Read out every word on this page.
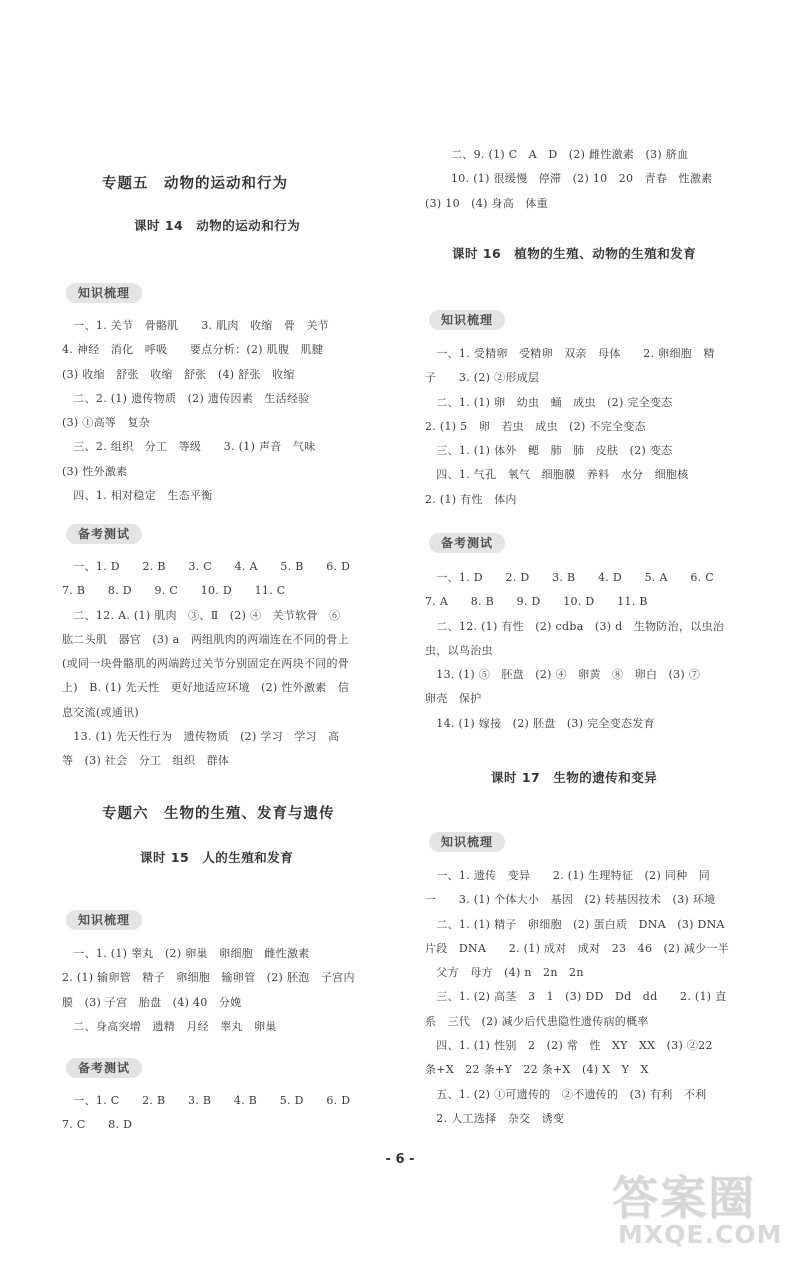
专题五　动物的运动和行为
课时 14　动物的运动和行为
知识梳理
　一、1. 关节　骨骼肌　　3. 肌肉　收缩　骨　关节
4. 神经　消化　呼吸　　要点分析：(2) 肌腹　肌腱
(3) 收缩　舒张　收缩　舒张　(4) 舒张　收缩
　二、2. (1) 遗传物质　(2) 遗传因素　生活经验
(3) ①高等　复杂
　三、2. 组织　分工　等级　　3. (1) 声音　气味
(3) 性外激素
　四、1. 相对稳定　生态平衡
备考测试
　一、1. D　　2. B　　3. C　　4. A　　5. B　　6. D
7. B　　8. D　　9. C　　10. D　　11. C
　二、12. A. (1) 肌肉　③、Ⅱ　(2) ④　关节软骨　⑥
肱二头肌　器官　(3) a　两组肌肉的两端连在不同的骨上
(或同一块骨骼肌的两端跨过关节分别固定在两块不同的骨
上)　B. (1) 先天性　更好地适应环境　(2) 性外激素　信
息交流(或通讯)
　13. (1) 先天性行为　遗传物质　(2) 学习　学习　高
等　(3) 社会　分工　组织　群体
专题六　生物的生殖、发育与遗传
课时 15　人的生殖和发育
知识梳理
　一、1. (1) 睾丸　(2) 卵巢　卵细胞　雌性激素
2. (1) 输卵管　精子　卵细胞　输卵管　(2) 胚泡　子宫内
膜　(3) 子宫　胎盘　(4) 40　分娩
　二、身高突增　遗精　月经　睾丸　卵巢
备考测试
　一、1. C　　2. B　　3. B　　4. B　　5. D　　6. D
7. C　　8. D
二、9. (1) C　A　D　(2) 雌性激素　(3) 脐血
10. (1) 很缓慢　停滞　(2) 10　20　青春　性激素
(3) 10　(4) 身高　体重
课时 16　植物的生殖、动物的生殖和发育
知识梳理
　一、1. 受精卵　受精卵　双亲　母体　　2. 卵细胞　精
子　　3. (2) ②形成层
　二、1. (1) 卵　幼虫　蛹　成虫　(2) 完全变态
2. (1) 5　卵　若虫　成虫　(2) 不完全变态
　三、1. (1) 体外　鳃　肺　肺　皮肤　(2) 变态
　四、1. 气孔　氧气　细胞膜　养料　水分　细胞核
2. (1) 有性　体内
备考测试
　一、1. D　　2. D　　3. B　　4. D　　5. A　　6. C
7. A　　8. B　　9. D　　10. D　　11. B
　二、12. (1) 有性　(2) cdba　(3) d　生物防治，以虫治
虫，以鸟治虫
　13. (1) ⑤　胚盘　(2) ④　卵黄　⑧　卵白　(3) ⑦
卵壳　保护
　14. (1) 嫁接　(2) 胚盘　(3) 完全变态发育
课时 17　生物的遗传和变异
知识梳理
　一、1. 遗传　变异　　2. (1) 生理特征　(2) 同种　同
一　　3. (1) 个体大小　基因　(2) 转基因技术　(3) 环境
　二、1. (1) 精子　卵细胞　(2) 蛋白质　DNA　(3) DNA
片段　DNA　　2. (1) 成对　成对　23　46　(2) 减少一半
　父方　母方　(4) n　2n　2n
　三、1. (2) 高茎　3　1　(3) DD　Dd　dd　　2. (1) 直
系　三代　(2) 减少后代患隐性遗传病的概率
　四、1. (1) 性别　2　(2) 常　性　XY　XX　(3) ②22
条+X　22 条+Y　22 条+X　(4) X　Y　X
　五、1. (2) ①可遗传的　②不遗传的　(3) 有利　不利
　2. 人工选择　杂交　诱变
- 6 -
答案圈
MXQE.COM
